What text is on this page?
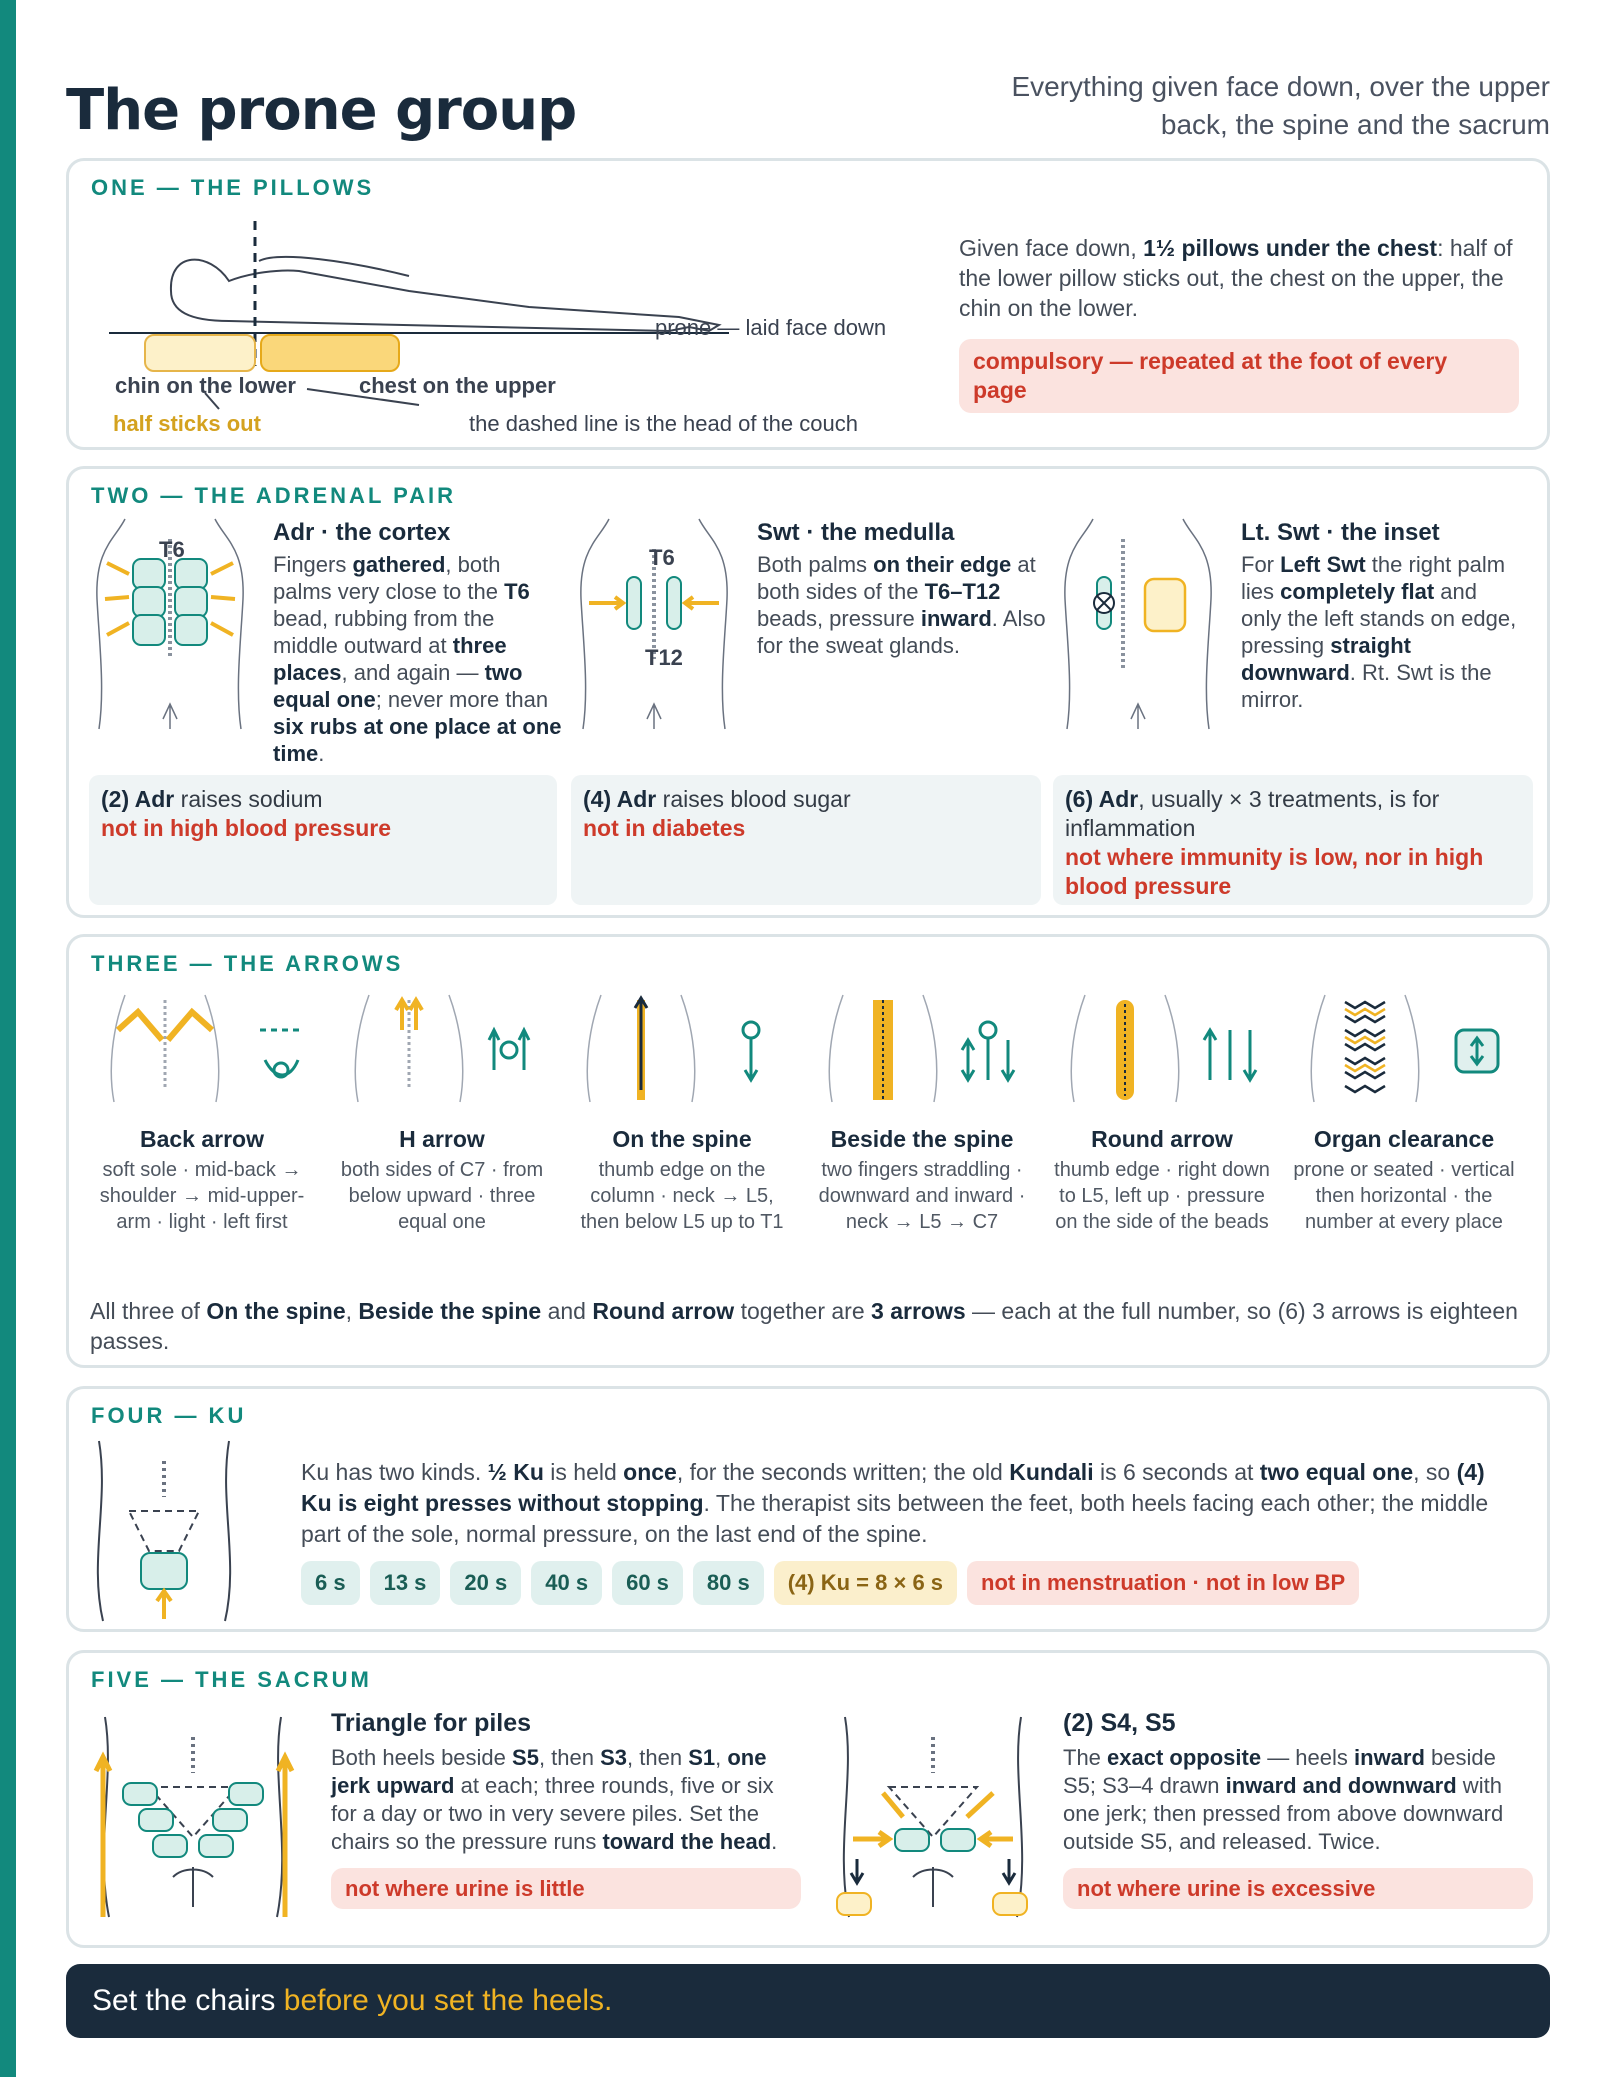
The prone group	Everything given face down, over the upper back, the spine and the sacrum
ONE — THE PILLOWS
chin on the lower
half sticks out
chest on the upper
prone — laid face down
the dashed line is the head of the couch
Given face down, 1½ pillows under the chest: half of the lower pillow sticks out, the chest on the upper, the chin on the lower.
compulsory — repeated at the foot of every page
TWO — THE ADRENAL PAIR
T6	T6
T12
Adr · the cortex
Fingers gathered, both palms very close to the T6 bead, rubbing from the middle outward at three places, and again — two equal one; never more than six rubs at one place at one time.
Swt · the medulla
Both palms on their edge at both sides of the T6–T12 beads, pressure inward. Also for the sweat glands.
Lt. Swt · the inset
For Left Swt the right palm lies completely flat and only the left stands on edge, pressing straight downward. Rt. Swt is the mirror.
(2) Adr raises sodium
not in high blood pressure
(4) Adr raises blood sugar
not in diabetes
(6) Adr, usually × 3 treatments, is for inflammation
not where immunity is low, nor in high blood pressure
THREE — THE ARROWS
Back arrow

soft sole · mid-back → shoulder → mid-upper-arm · light · left first

H arrow

both sides of C7 · from below upward · three equal one

On the spine

thumb edge on the column · neck → L5, then below L5 up to T1

Beside the spine

two fingers straddling · downward and inward · neck → L5 → C7

Round arrow

thumb edge · right down to L5, left up · pressure on the side of the beads

Organ clearance

prone or seated · vertical then horizontal · the number at every place

All three of On the spine, Beside the spine and Round arrow together are 3 arrows — each at the full number, so (6) 3 arrows is eighteen passes.
FOUR — KU
Ku has two kinds. ½ Ku is held once, for the seconds written; the old Kundali is 6 seconds at two equal one, so (4) Ku is eight presses without stopping. The therapist sits between the feet, both heels facing each other; the middle part of the sole, normal pressure, on the last end of the spine.
6 s 13 s 20 s 40 s 60 s 80 s (4) Ku = 8 × 6 s not in menstruation · not in low BP
FIVE — THE SACRUM
Triangle for piles
Both heels beside S5, then S3, then S1, one jerk upward at each; three rounds, five or six for a day or two in very severe piles. Set the chairs so the pressure runs toward the head.
not where urine is little
(2) S4, S5
The exact opposite — heels inward beside S5; S3–4 drawn inward and downward with one jerk; then pressed from above downward outside S5, and released. Twice.
not where urine is excessive
Set the chairs before you set the heels.
